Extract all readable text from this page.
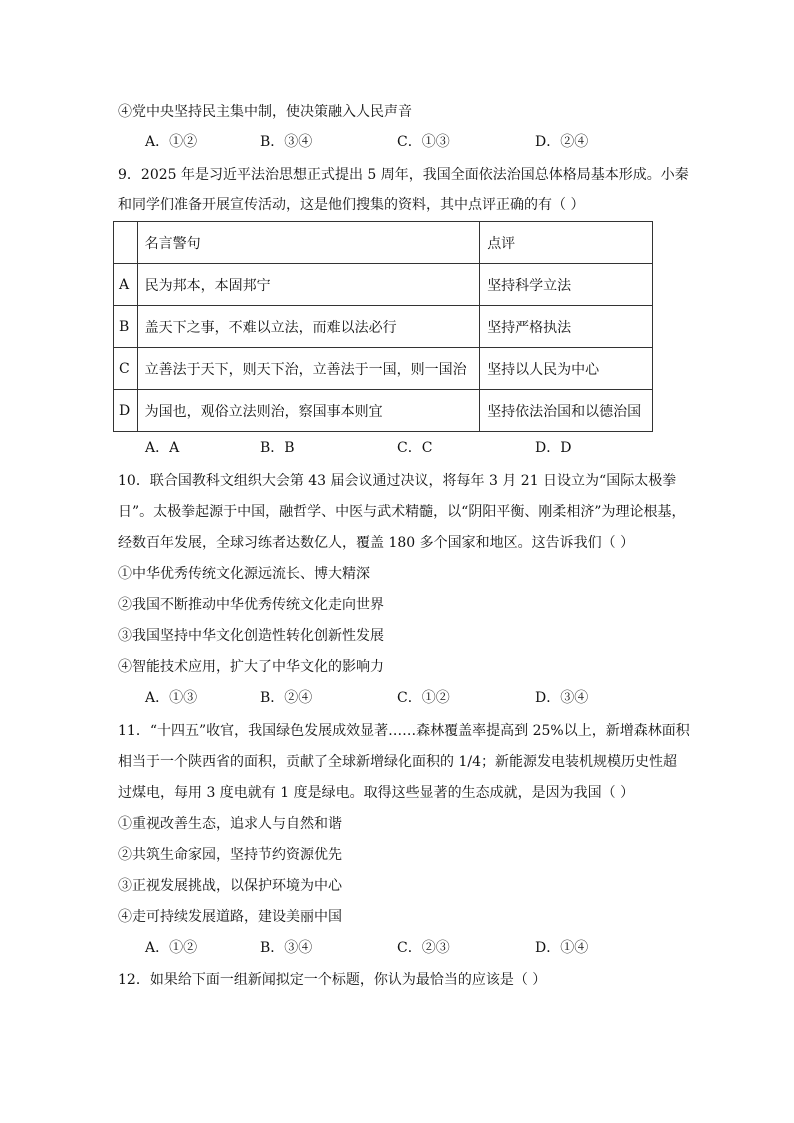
④党中央坚持民主集中制，使决策融入人民声音
A．①②	B．③④	C．①③	D．②④
9．2025 年是习近平法治思想正式提出 5 周年，我国全面依法治国总体格局基本形成。小秦
和同学们准备开展宣传活动，这是他们搜集的资料，其中点评正确的有（ ）
	名言警句	点评
A	民为邦本，本固邦宁	坚持科学立法
B	盖天下之事，不难以立法，而难以法必行	坚持严格执法
C	立善法于天下，则天下治，立善法于一国，则一国治	坚持以人民为中心
D	为国也，观俗立法则治，察国事本则宜	坚持依法治国和以德治国
A．A	B．B	C．C	D．D
10．联合国教科文组织大会第 43 届会议通过决议，将每年 3 月 21 日设立为“国际太极拳
日”。太极拳起源于中国，融哲学、中医与武术精髓，以“阴阳平衡、刚柔相济”为理论根基，
经数百年发展，全球习练者达数亿人，覆盖 180 多个国家和地区。这告诉我们（ ）
①中华优秀传统文化源远流长、博大精深
②我国不断推动中华优秀传统文化走向世界
③我国坚持中华文化创造性转化创新性发展
④智能技术应用，扩大了中华文化的影响力
A．①③	B．②④	C．①②	D．③④
11．“十四五”收官，我国绿色发展成效显著……森林覆盖率提高到 25%以上，新增森林面积
相当于一个陕西省的面积，贡献了全球新增绿化面积的 1/4；新能源发电装机规模历史性超
过煤电，每用 3 度电就有 1 度是绿电。取得这些显著的生态成就，是因为我国（ ）
①重视改善生态，追求人与自然和谐
②共筑生命家园，坚持节约资源优先
③正视发展挑战，以保护环境为中心
④走可持续发展道路，建设美丽中国
A．①②	B．③④	C．②③	D．①④
12．如果给下面一组新闻拟定一个标题，你认为最恰当的应该是（ ）
